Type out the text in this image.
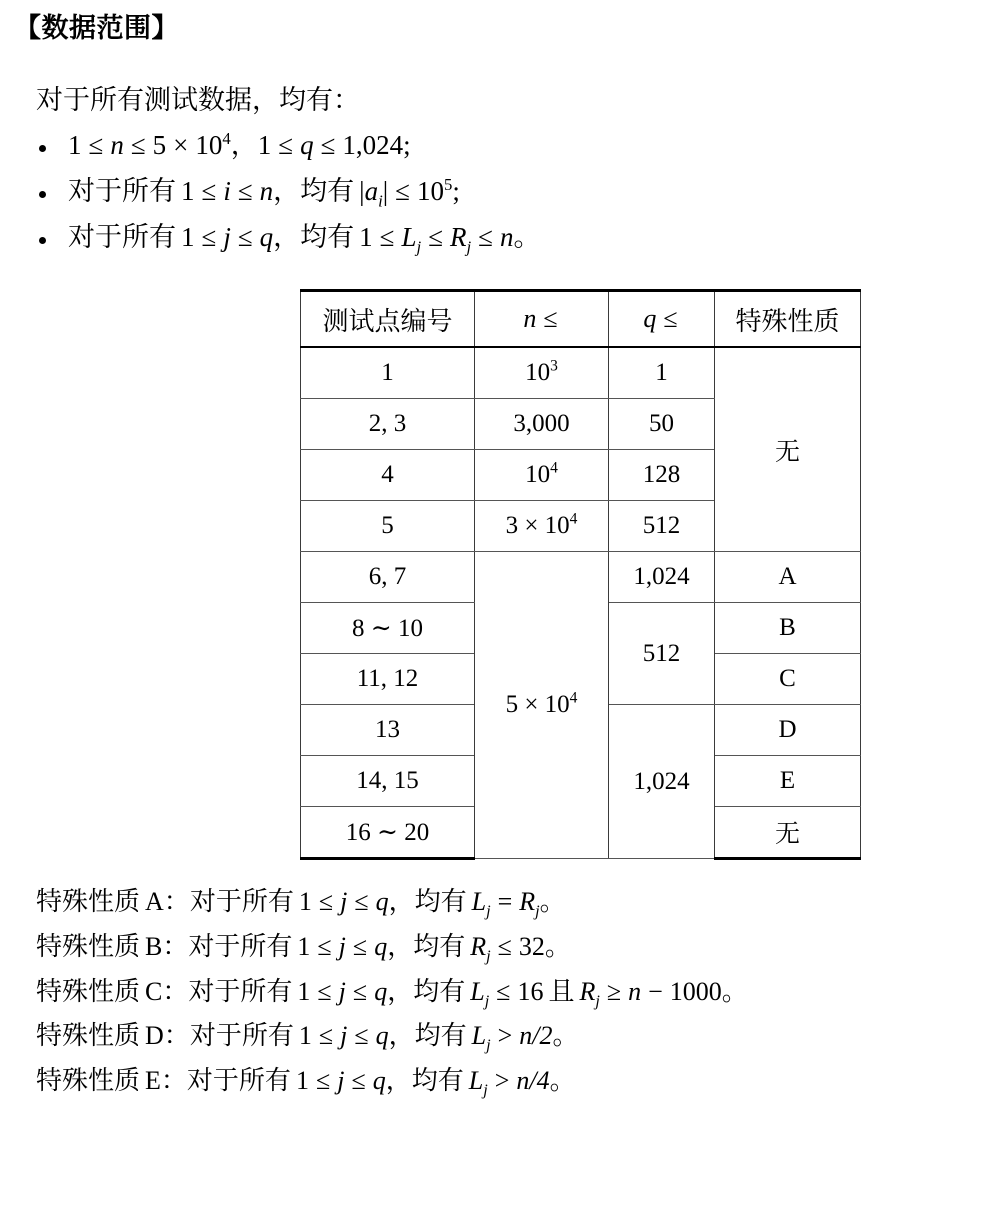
【数据范围】
对于所有测试数据，均有：
$1 \le n \le 5 \times 10^4$，1 ≤ q ≤ 1,024;
对于所有 1 ≤ i ≤ n，均有 $|a_i| \le 10^5$;
对于所有 1 ≤ j ≤ q，均有 $1 \le L_j \le R_j \le n$。
测试点编号	n ≤	q ≤	特殊性质
1	$10^3$	1	无
2, 3	3,000	50	
4	$10^4$	128	
5	$3 \times 10^4$	512	
6, 7	$5 \times 10^4$	1,024	A
8 ∼ 10		512	B
11, 12			C
13		1,024	D
14, 15			E
16 ∼ 20			无

特殊性质 A：对于所有 1 ≤ j ≤ q，均有 $L_j = R_j$。

特殊性质 B：对于所有 1 ≤ j ≤ q，均有 $R_j \le 32$。

特殊性质 C：对于所有 1 ≤ j ≤ q，均有 $L_j \le 16$ 且 $R_j \ge n - 1000$。

特殊性质 D：对于所有 1 ≤ j ≤ q，均有 $L_j > n/2$。

特殊性质 E：对于所有 1 ≤ j ≤ q，均有 $L_j > n/4$。
